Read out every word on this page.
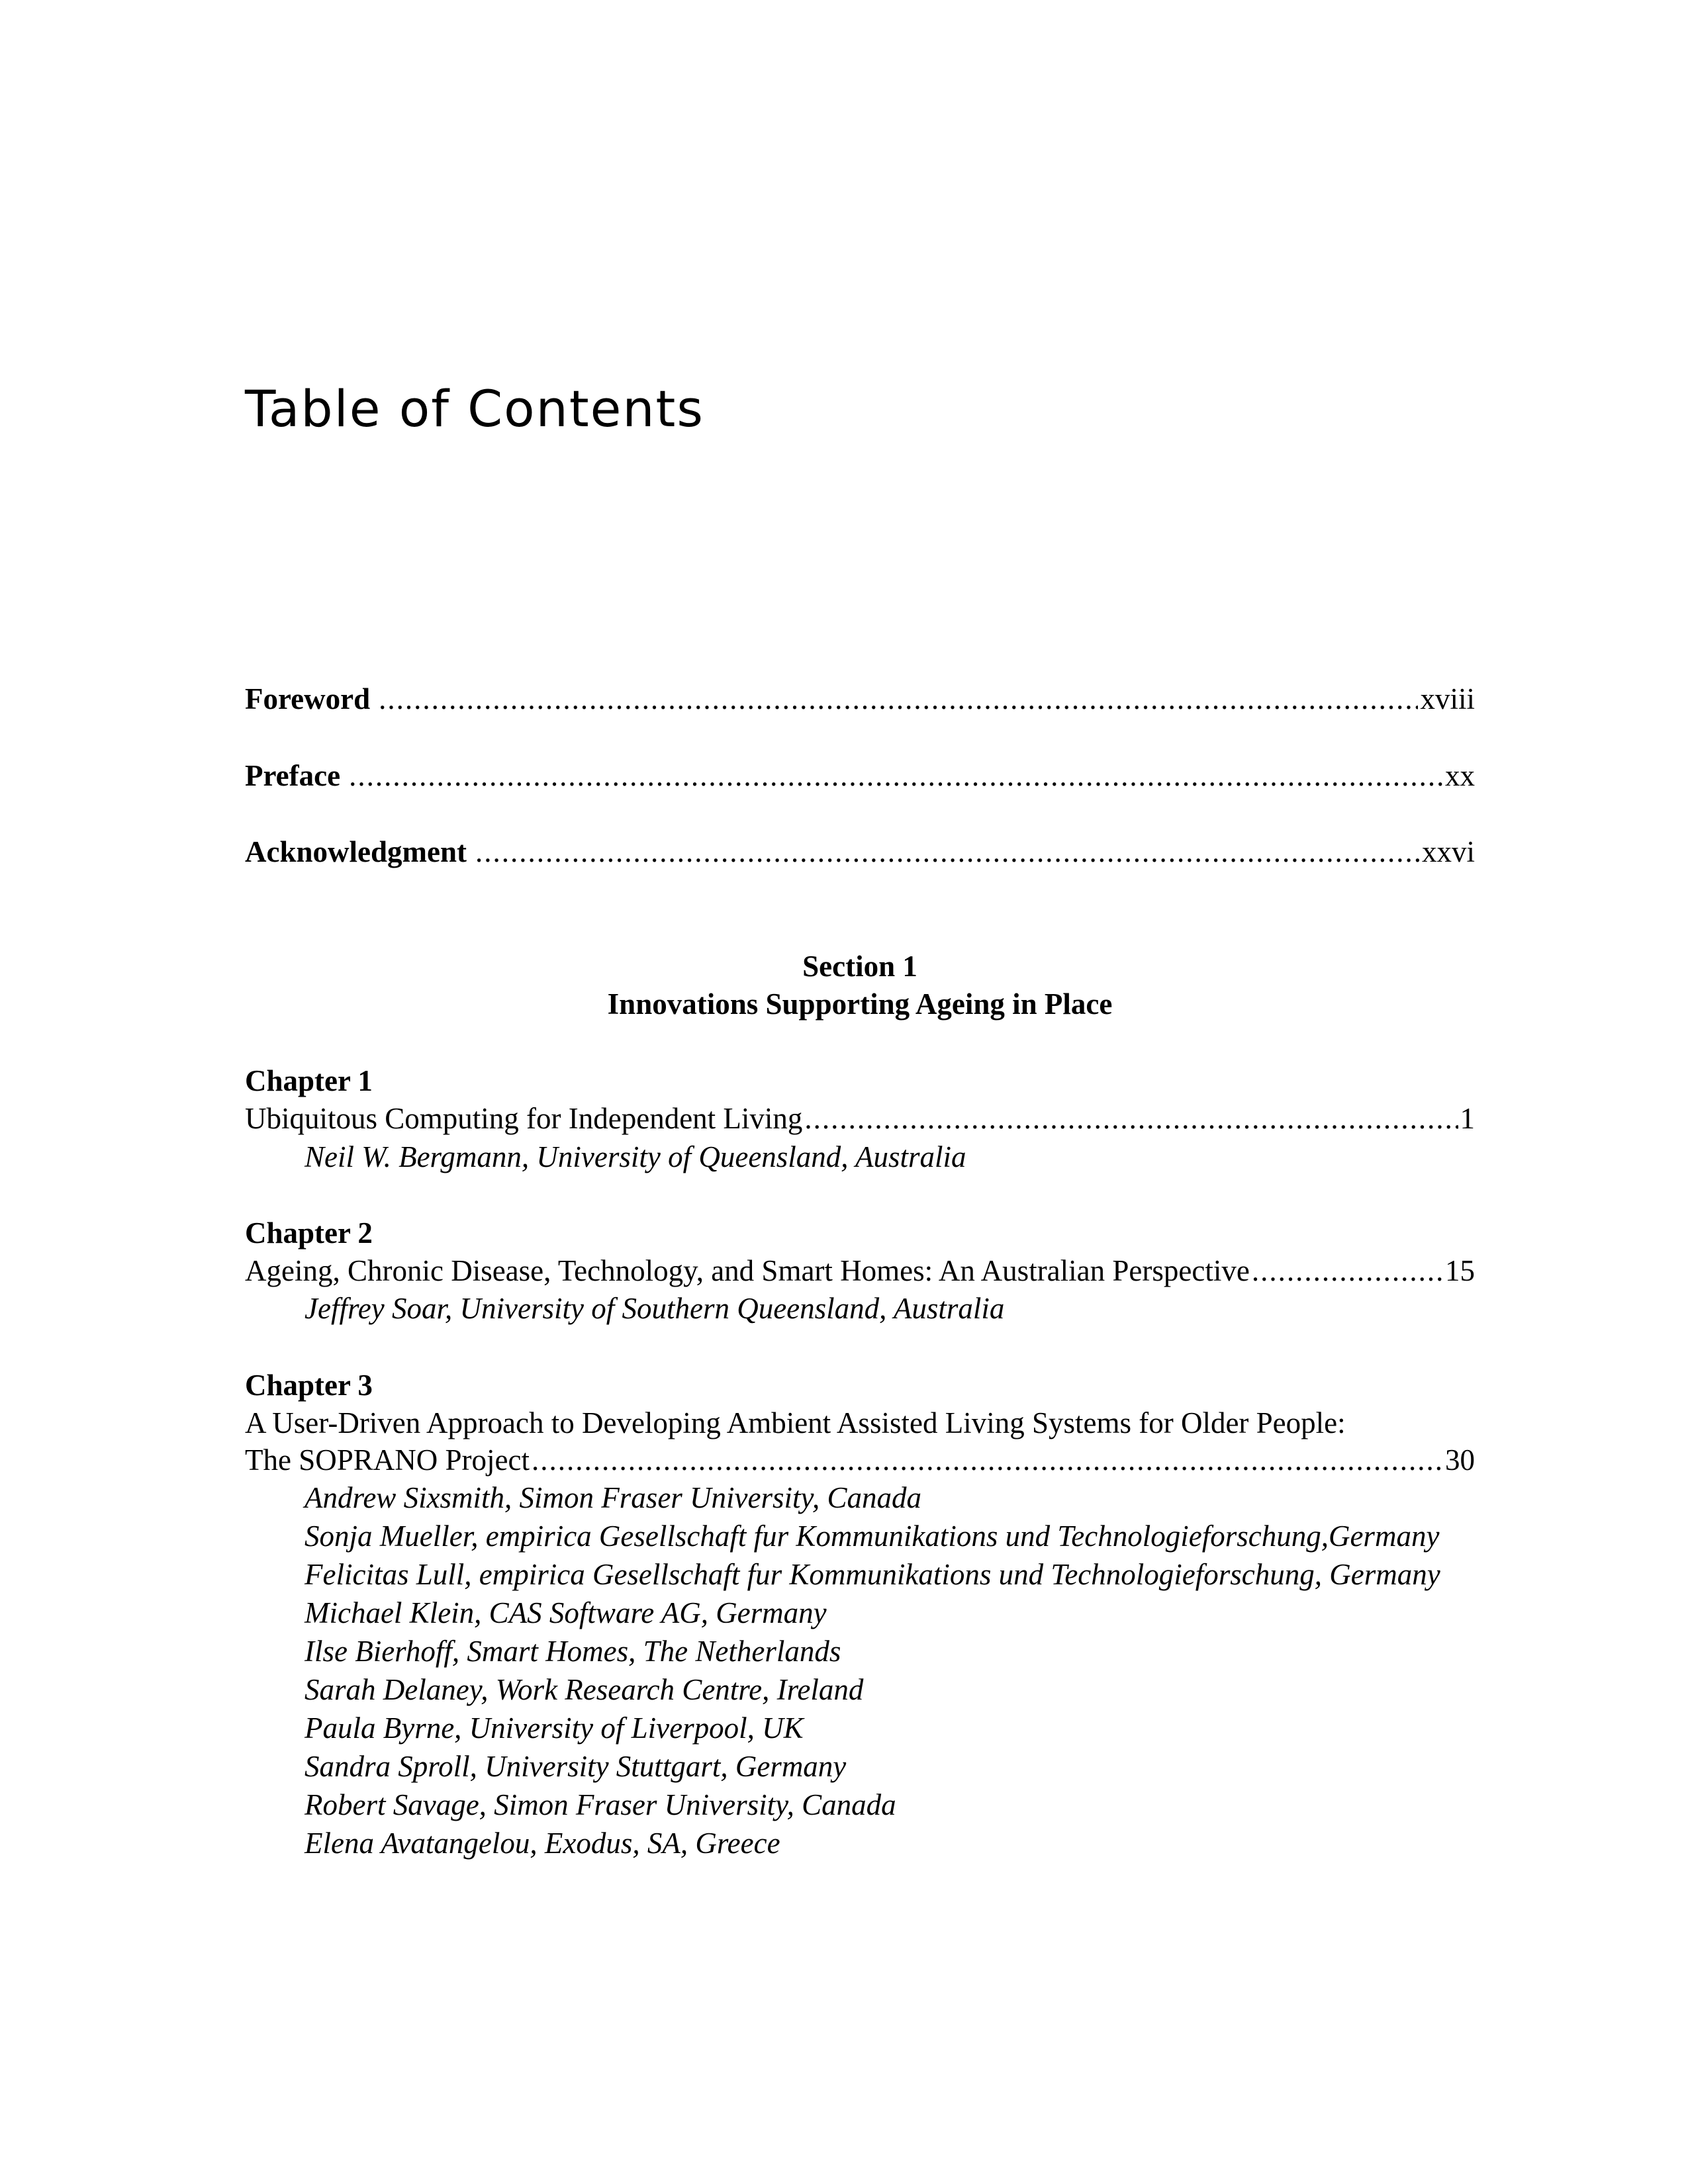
Table of Contents
Foreword .....	xviii
Preface .....	xx
Acknowledgment .....	xxvi
Section 1
Innovations Supporting Ageing in Place
Chapter 1
Ubiquitous Computing for Independent Living .....	1
Neil W. Bergmann, University of Queensland, Australia
Chapter 2
Ageing, Chronic Disease, Technology, and Smart Homes: An Australian Perspective .....	15
Jeffrey Soar, University of Southern Queensland, Australia
Chapter 3
A User-Driven Approach to Developing Ambient Assisted Living Systems for Older People:
The SOPRANO Project .....	30
Andrew Sixsmith, Simon Fraser University, Canada
Sonja Mueller, empirica Gesellschaft fur Kommunikations und Technologieforschung,Germany
Felicitas Lull, empirica Gesellschaft fur Kommunikations und Technologieforschung, Germany
Michael Klein, CAS Software AG, Germany
Ilse Bierhoff, Smart Homes, The Netherlands
Sarah Delaney, Work Research Centre, Ireland
Paula Byrne, University of Liverpool, UK
Sandra Sproll, University Stuttgart, Germany
Robert Savage, Simon Fraser University, Canada
Elena Avatangelou, Exodus, SA, Greece
